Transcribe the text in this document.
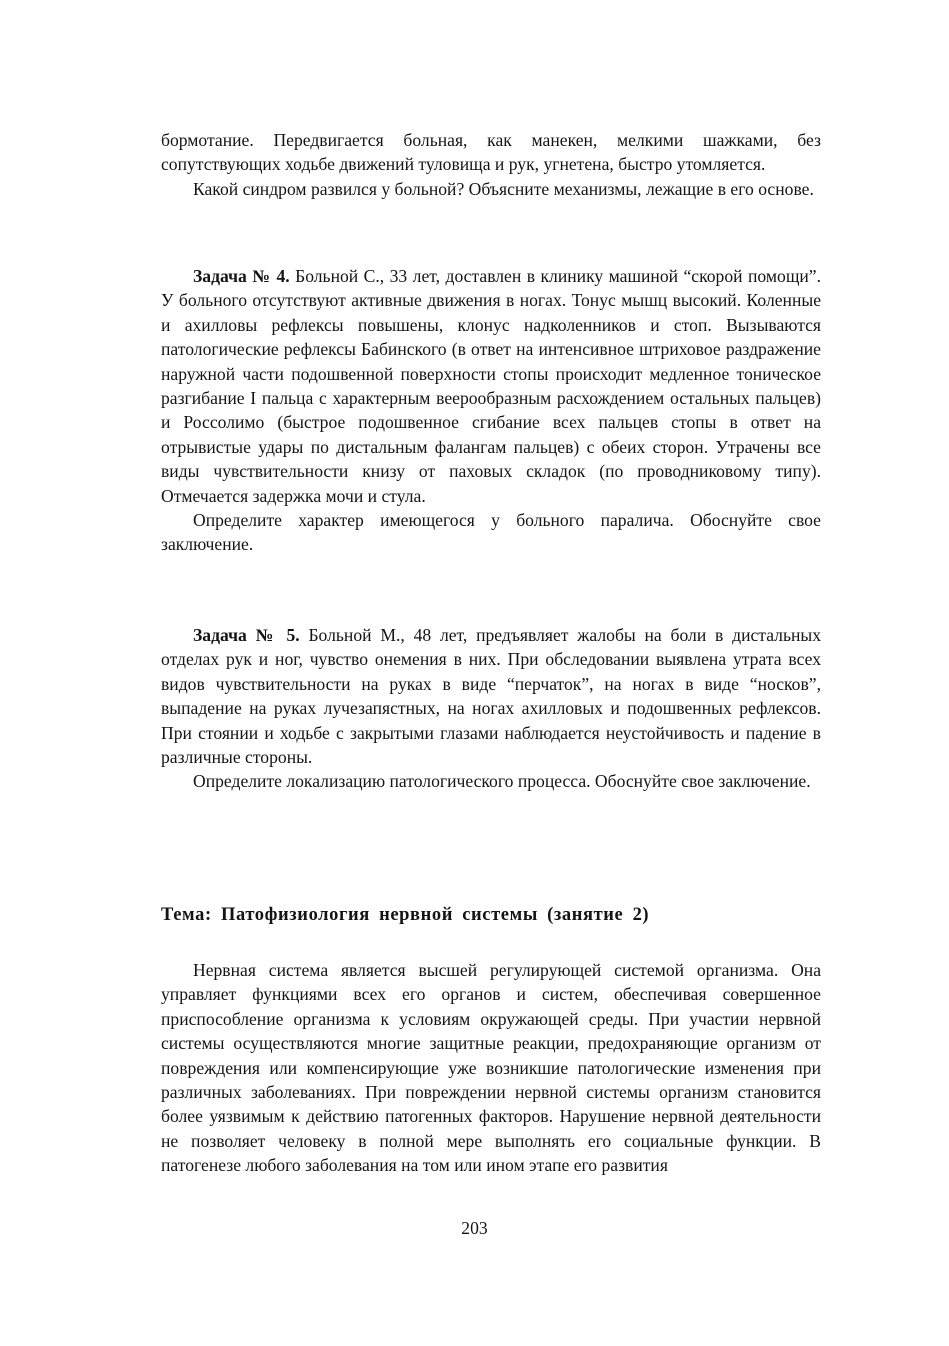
бормотание. Передвигается больная, как манекен, мелкими шажками, без сопутствующих ходьбе движений туловища и рук, угнетена, быстро утомляется.

Какой синдром развился у больной? Объясните механизмы, лежащие в его основе.

Задача № 4. Больной С., 33 лет, доставлен в клинику машиной “скорой помощи”. У больного отсутствуют активные движения в ногах. Тонус мышц высокий. Коленные и ахилловы рефлексы повышены, клонус надколенников и стоп. Вызываются патологические рефлексы Бабинского (в ответ на интенсивное штриховое раздражение наружной части подошвенной поверхности стопы происходит медленное тоническое разгибание I пальца с характерным веерообразным расхождением остальных пальцев) и Россолимо (быстрое подошвенное сгибание всех пальцев стопы в ответ на отрывистые удары по дистальным фалангам пальцев) с обеих сторон. Утрачены все виды чувствительности книзу от паховых складок (по проводниковому типу). Отмечается задержка мочи и стула.

Определите характер имеющегося у больного паралича. Обоснуйте свое заключение.

Задача № 5. Больной М., 48 лет, предъявляет жалобы на боли в дистальных отделах рук и ног, чувство онемения в них. При обследовании выявлена утрата всех видов чувствительности на руках в виде “перчаток”, на ногах в виде “носков”, выпадение на руках лучезапястных, на ногах ахилловых и подошвенных рефлексов. При стоянии и ходьбе с закрытыми глазами наблюдается неустойчивость и падение в различные стороны.

Определите локализацию патологического процесса. Обоснуйте свое заключение.

Тема: Патофизиология нервной системы (занятие 2)

Нервная система является высшей регулирующей системой организма. Она управляет функциями всех его органов и систем, обеспечивая совершенное приспособление организма к условиям окружающей среды. При участии нервной системы осуществляются многие защитные реакции, предохраняющие организм от повреждения или компенсирующие уже возникшие патологические изменения при различных заболеваниях. При повреждении нервной системы организм становится более уязвимым к действию патогенных факторов. Нарушение нервной деятельности не позволяет человеку в полной мере выполнять его социальные функции. В патогенезе любого заболевания на том или ином этапе его развития

203
